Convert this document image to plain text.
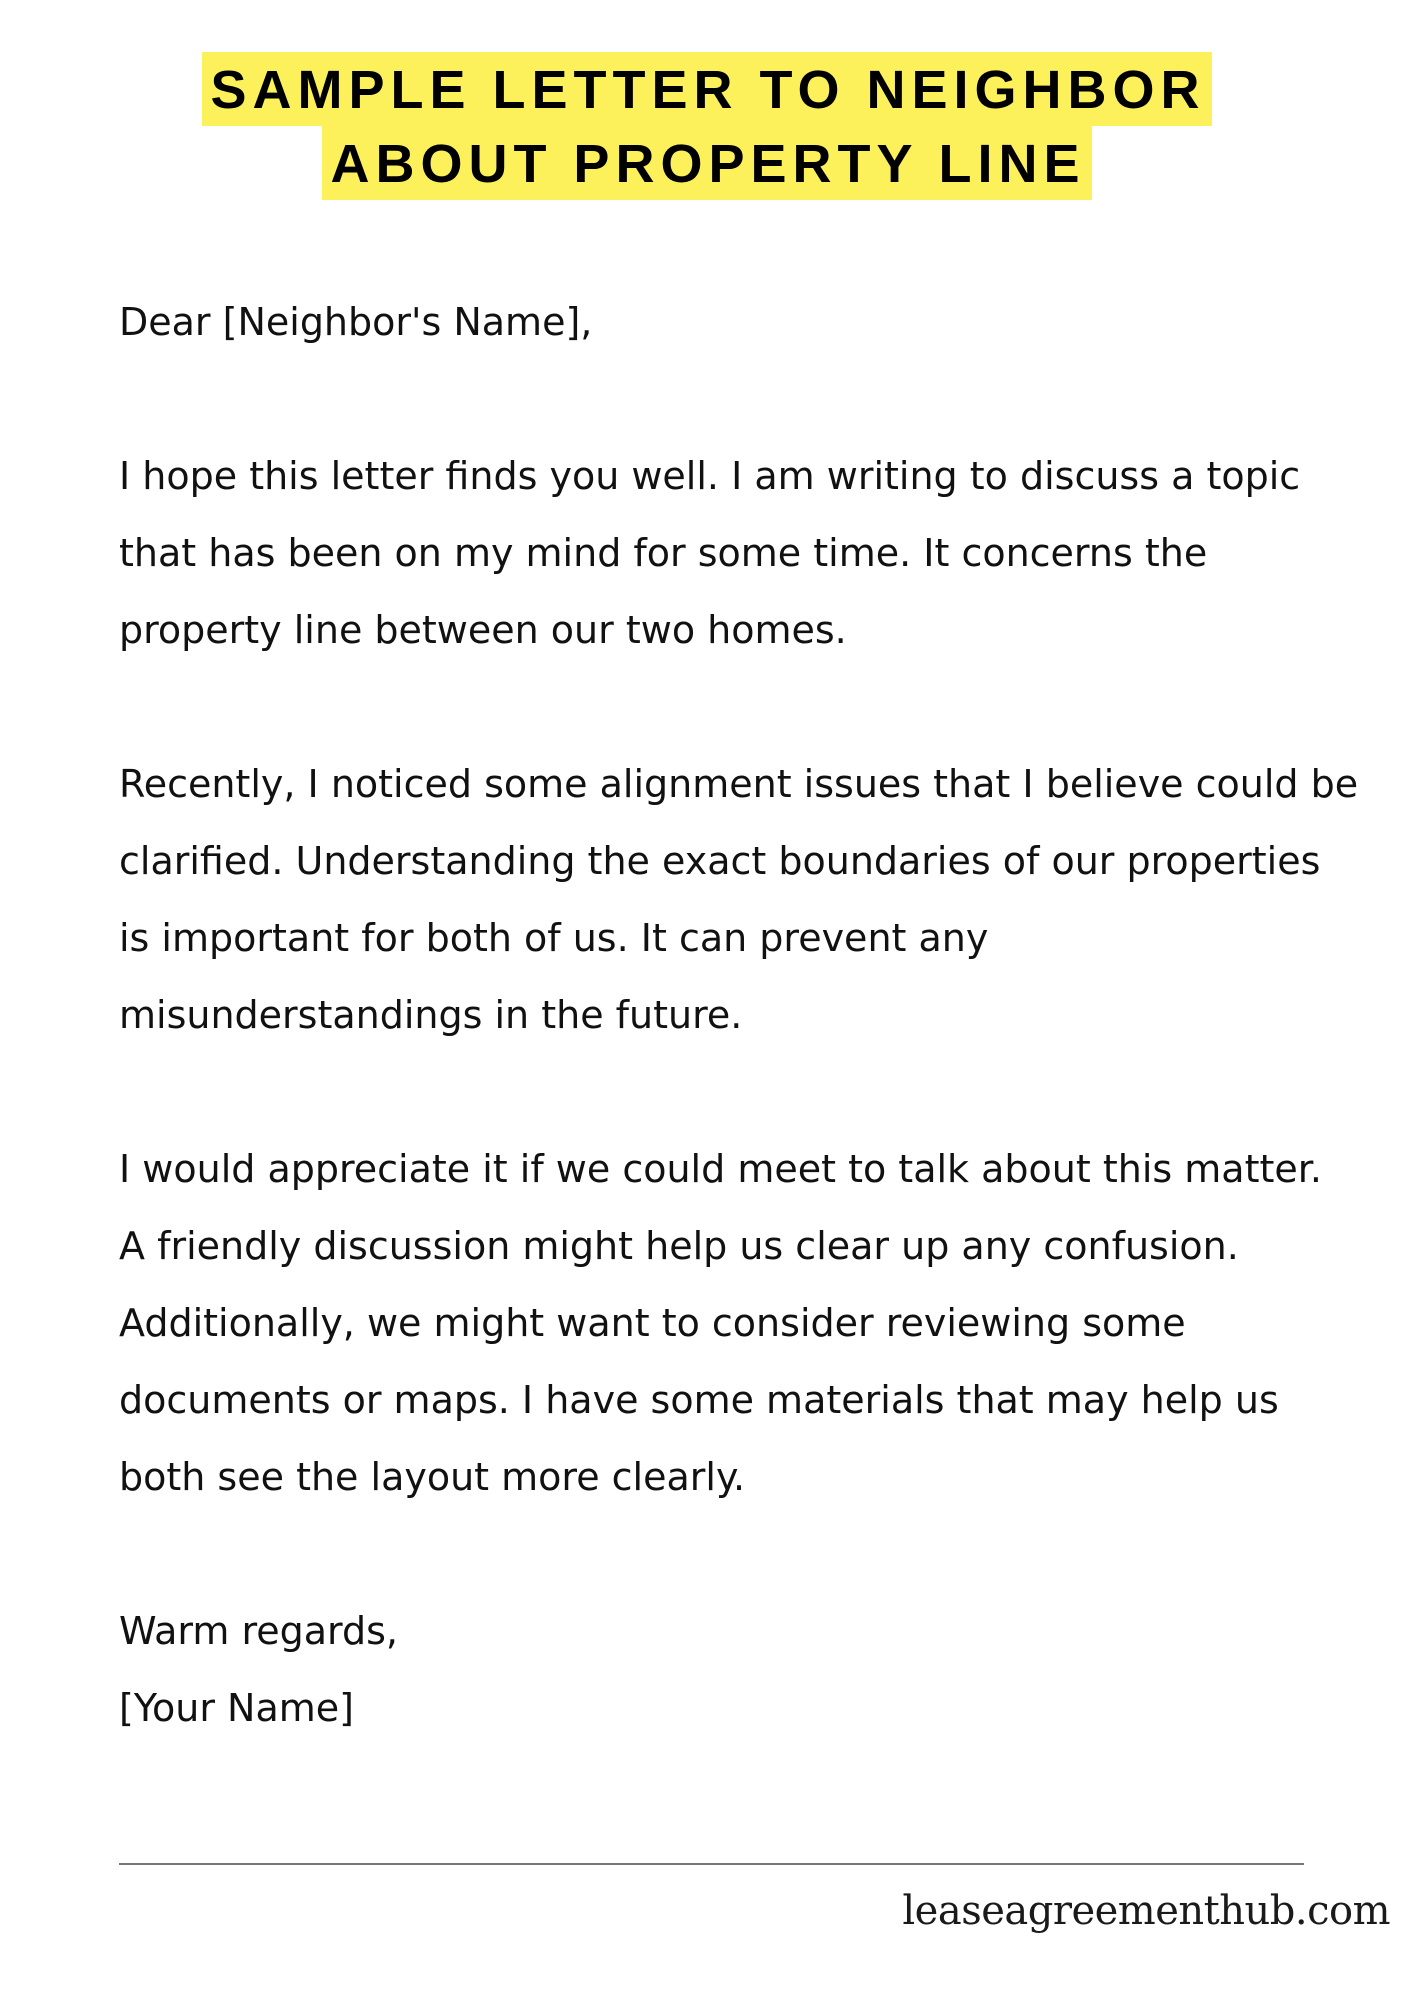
SAMPLE LETTER TO NEIGHBOR
ABOUT PROPERTY LINE

Dear [Neighbor's Name],

I hope this letter finds you well. I am writing to discuss a topic that has been on my mind for some time. It concerns the property line between our two homes.

Recently, I noticed some alignment issues that I believe could be clarified. Understanding the exact boundaries of our properties is important for both of us. It can prevent any misunderstandings in the future.

I would appreciate it if we could meet to talk about this matter. A friendly discussion might help us clear up any confusion. Additionally, we might want to consider reviewing some documents or maps. I have some materials that may help us both see the layout more clearly.

Warm regards,

[Your Name]

leaseagreementhub.com
